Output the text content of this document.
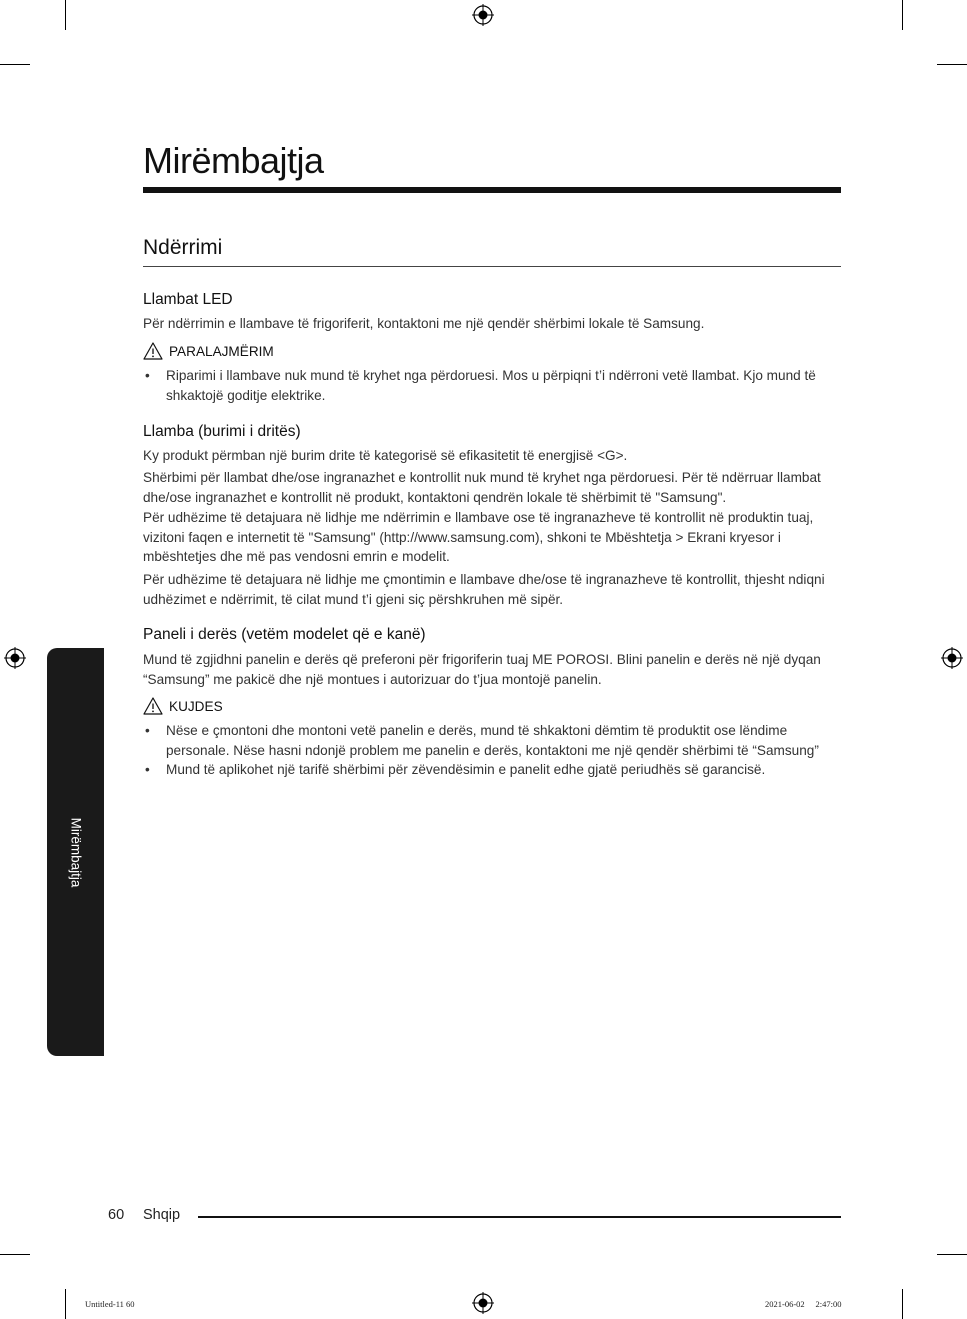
Mirëmbajtja
Ndërrimi
Llambat LED
Për ndërrimin e llambave të frigoriferit, kontaktoni me një qendër shërbimi lokale të Samsung.
PARALAJMËRIM
• Riparimi i llambave nuk mund të kryhet nga përdoruesi. Mos u përpiqni t’i ndërroni vetë llambat. Kjo mund të shkaktojë goditje elektrike.
Llamba (burimi i dritës)
Ky produkt përmban një burim drite të kategorisë së efikasitetit të energjisë <G>.
Shërbimi për llambat dhe/ose ingranazhet e kontrollit nuk mund të kryhet nga përdoruesi. Për të ndërruar llambat dhe/ose ingranazhet e kontrollit në produkt, kontaktoni qendrën lokale të shërbimit të "Samsung".
Për udhëzime të detajuara në lidhje me ndërrimin e llambave ose të ingranazheve të kontrollit në produktin tuaj, vizitoni faqen e internetit të "Samsung" (http://www.samsung.com), shkoni te Mbështetja > Ekrani kryesor i mbështetjes dhe më pas vendosni emrin e modelit.
Për udhëzime të detajuara në lidhje me çmontimin e llambave dhe/ose të ingranazheve të kontrollit, thjesht ndiqni udhëzimet e ndërrimit, të cilat mund t’i gjeni siç përshkruhen më sipër.
Paneli i derës (vetëm modelet që e kanë)
Mund të zgjidhni panelin e derës që preferoni për frigoriferin tuaj ME POROSI. Blini panelin e derës në një dyqan “Samsung” me pakicë dhe një montues i autorizuar do t’jua montojë panelin.
KUJDES
• Nëse e çmontoni dhe montoni vetë panelin e derës, mund të shkaktoni dëmtim të produktit ose lëndime personale. Nëse hasni ndonjë problem me panelin e derës, kontaktoni me një qendër shërbimi të “Samsung”
• Mund të aplikohet një tarifë shërbimi për zëvendësimin e panelit edhe gjatë periudhës së garancisë.
Mirëmbajtja
60 Shqip
Untitled-11 60	2021-06-02   2:47:00
